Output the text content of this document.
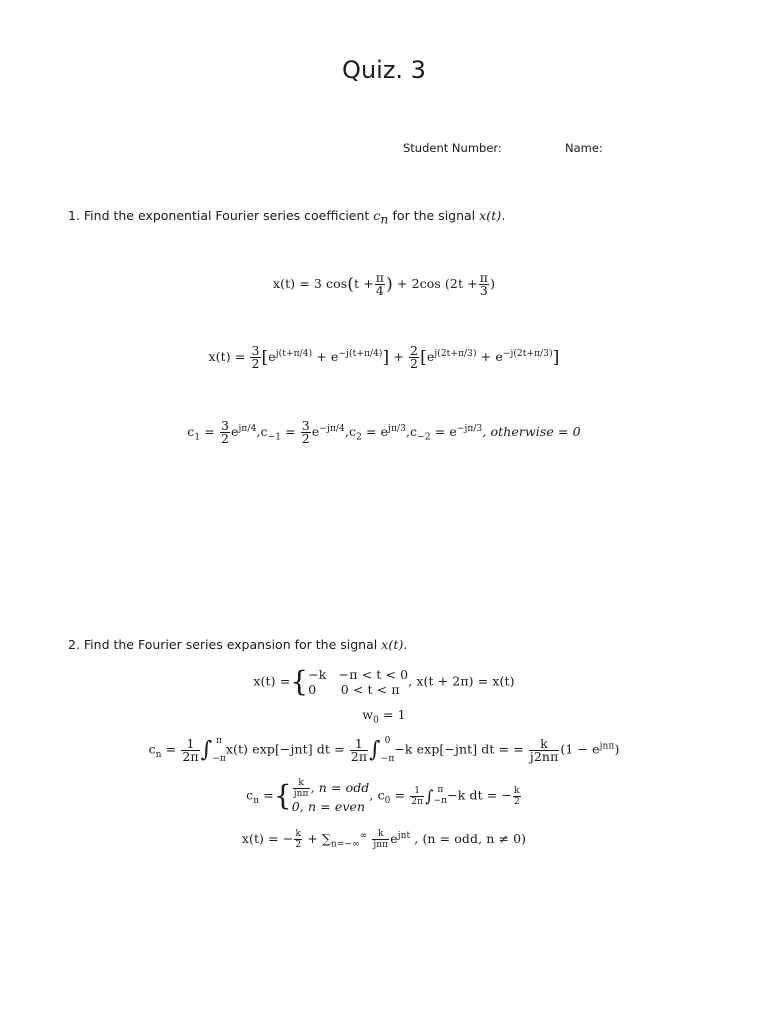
Quiz. 3
Student Number:	Name:
1. Find the exponential Fourier series coefficient $c_n$ for the signal x(t).
x(t) = 3 $\cos(t + \frac{\pi}{4}$ ) + 2cos ($2t + \frac{\pi}{3}$ )
$x(t) = \frac{3}{2} [e^{j(t+\pi/4)} + e^{-j(t+\pi/4)}] + \frac{2}{2} [e^{j(2t+\pi/3)} + e^{-j(2t+\pi/3)}]$
$c_1 = \frac{3}{2} e^{j\pi/4},c_{-1} = \frac{3}{2} e^{-j\pi/4},c_2 = e^{j\pi/3},c_{-2} = e^{-j\pi/3}$, otherwise = 0
2. Find the Fourier series expansion for the signal x(t).
x(t) ={ −k −π < t < 0
0 0 < t < π
, x(t + 2π) = x(t)
$w_0 = 1$
$c_n = \frac{1}{2\pi}$ ∫ π
−π
x(t) exp[−jnt] dt = $\frac{1}{2\pi}$ ∫ 0
−π
−k exp[−jnt] dt = = $\frac{k}{j2n\pi} (1 - e^{jn\pi})$
$c_n$ ={ $\frac{k}{\text{jnπ}}$ , n = odd
0, n = even
, $c_0 = \frac{1}{2\pi}$ ∫ π
−π −k dt = − $\frac{k}{2}$
x(t) = − $\frac{k}{2} + \sum_{n=-\infty}^\infty \frac{k}{\text{jnπ}} e^{jnt}$ , (n = odd, n ≠ 0)
